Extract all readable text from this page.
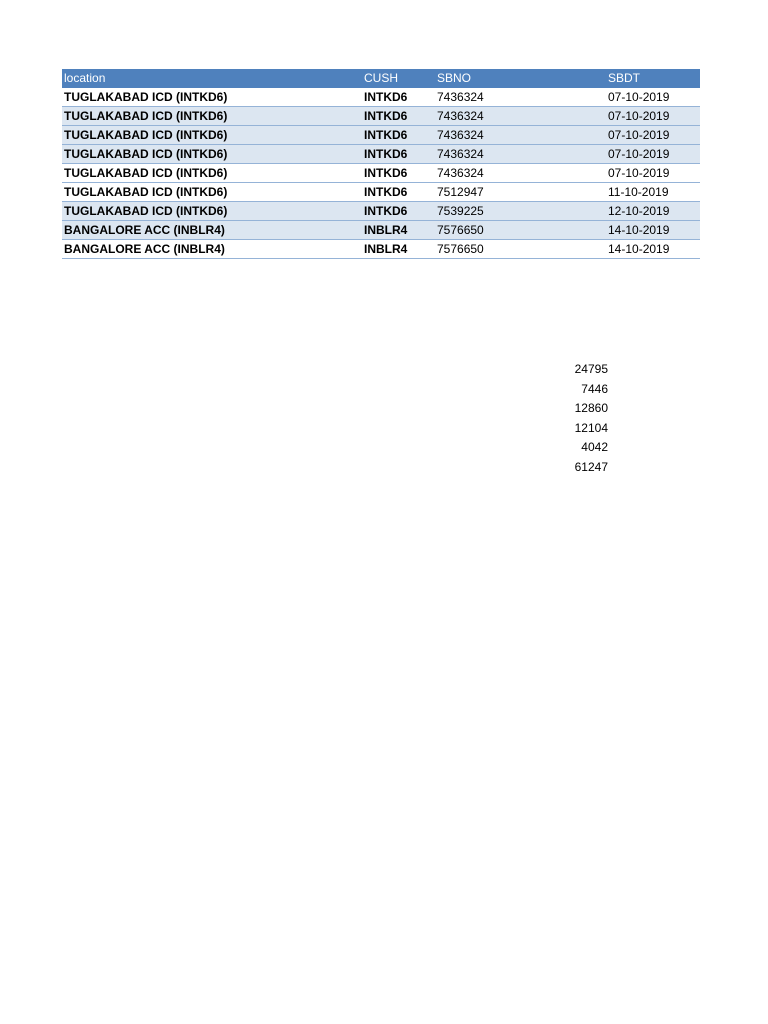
location	CUSH	SBNO	SBDT
TUGLAKABAD ICD (INTKD6)	INTKD6	7436324	07-10-2019
TUGLAKABAD ICD (INTKD6)	INTKD6	7436324	07-10-2019
TUGLAKABAD ICD (INTKD6)	INTKD6	7436324	07-10-2019
TUGLAKABAD ICD (INTKD6)	INTKD6	7436324	07-10-2019
TUGLAKABAD ICD (INTKD6)	INTKD6	7436324	07-10-2019
TUGLAKABAD ICD (INTKD6)	INTKD6	7512947	11-10-2019
TUGLAKABAD ICD (INTKD6)	INTKD6	7539225	12-10-2019
BANGALORE ACC (INBLR4)	INBLR4	7576650	14-10-2019
BANGALORE ACC (INBLR4)	INBLR4	7576650	14-10-2019
24795
7446
12860
12104
4042
61247
